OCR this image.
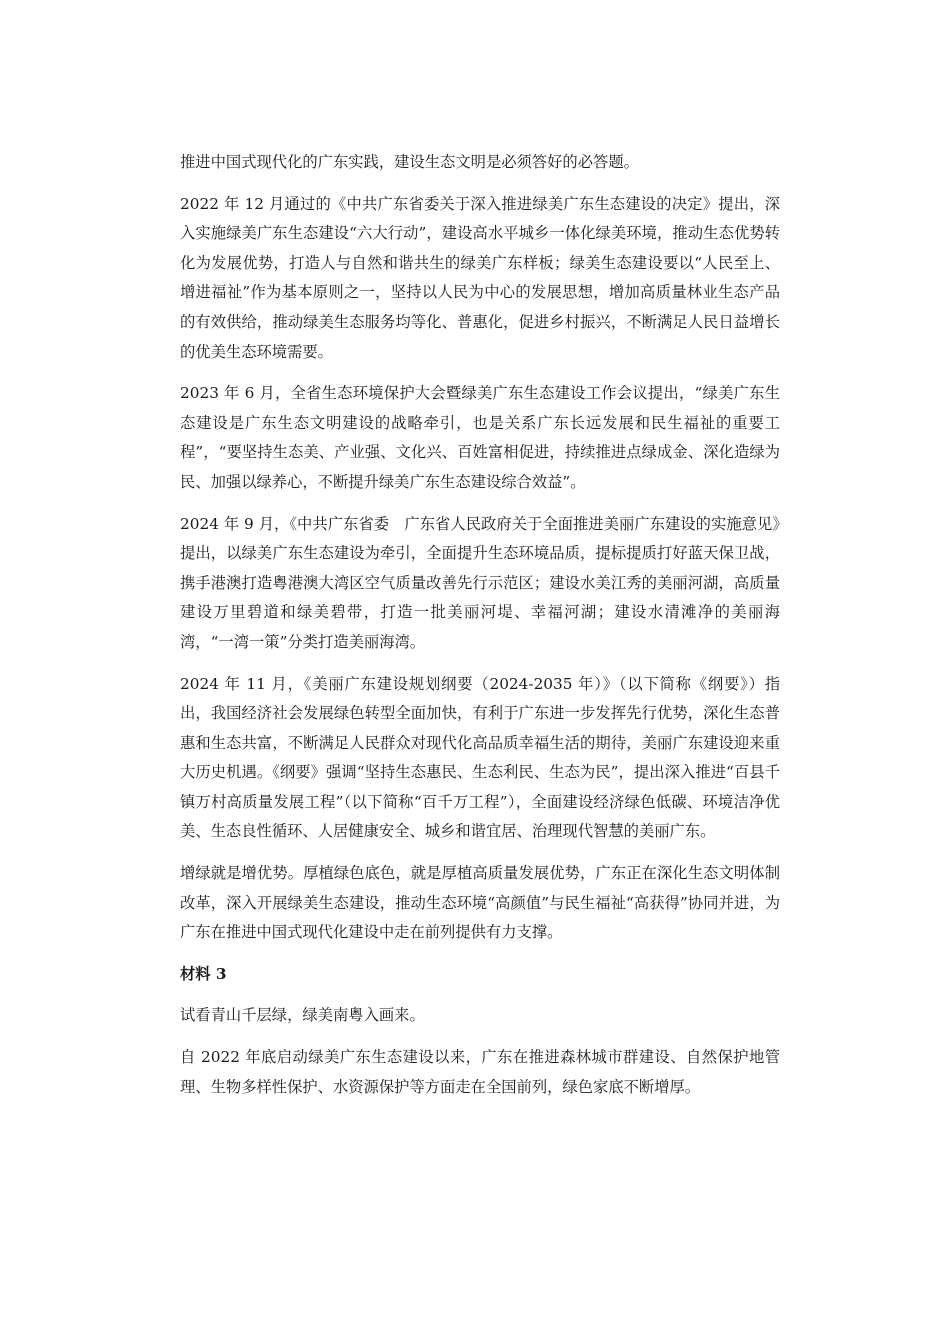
推进中国式现代化的广东实践，建设生态文明是必须答好的必答题。

2022 年 12 月通过的《中共广东省委关于深入推进绿美广东生态建设的决定》提出，深入实施绿美广东生态建设“六大行动”，建设高水平城乡一体化绿美环境，推动生态优势转化为发展优势，打造人与自然和谐共生的绿美广东样板；绿美生态建设要以“人民至上、增进福祉”作为基本原则之一，坚持以人民为中心的发展思想，增加高质量林业生态产品的有效供给，推动绿美生态服务均等化、普惠化，促进乡村振兴，不断满足人民日益增长的优美生态环境需要。

2023 年 6 月，全省生态环境保护大会暨绿美广东生态建设工作会议提出，“绿美广东生态建设是广东生态文明建设的战略牵引，也是关系广东长远发展和民生福祉的重要工程”，“要坚持生态美、产业强、文化兴、百姓富相促进，持续推进点绿成金、深化造绿为民、加强以绿养心，不断提升绿美广东生态建设综合效益”。

2024 年 9 月，《中共广东省委　广东省人民政府关于全面推进美丽广东建设的实施意见》提出，以绿美广东生态建设为牵引，全面提升生态环境品质，提标提质打好蓝天保卫战，携手港澳打造粤港澳大湾区空气质量改善先行示范区；建设水美江秀的美丽河湖，高质量建设万里碧道和绿美碧带，打造一批美丽河堤、幸福河湖；建设水清滩净的美丽海湾，“一湾一策”分类打造美丽海湾。

2024 年 11 月，《美丽广东建设规划纲要（2024-2035 年）》（以下简称《纲要》）指出，我国经济社会发展绿色转型全面加快，有利于广东进一步发挥先行优势，深化生态普惠和生态共富，不断满足人民群众对现代化高品质幸福生活的期待，美丽广东建设迎来重大历史机遇。《纲要》强调“坚持生态惠民、生态利民、生态为民”，提出深入推进“百县千镇万村高质量发展工程”（以下简称“百千万工程”），全面建设经济绿色低碳、环境洁净优美、生态良性循环、人居健康安全、城乡和谐宜居、治理现代智慧的美丽广东。

增绿就是增优势。厚植绿色底色，就是厚植高质量发展优势，广东正在深化生态文明体制改革，深入开展绿美生态建设，推动生态环境“高颜值”与民生福祉“高获得”协同并进，为广东在推进中国式现代化建设中走在前列提供有力支撑。

材料 3

试看青山千层绿，绿美南粤入画来。

自 2022 年底启动绿美广东生态建设以来，广东在推进森林城市群建设、自然保护地管理、生物多样性保护、水资源保护等方面走在全国前列，绿色家底不断增厚。
